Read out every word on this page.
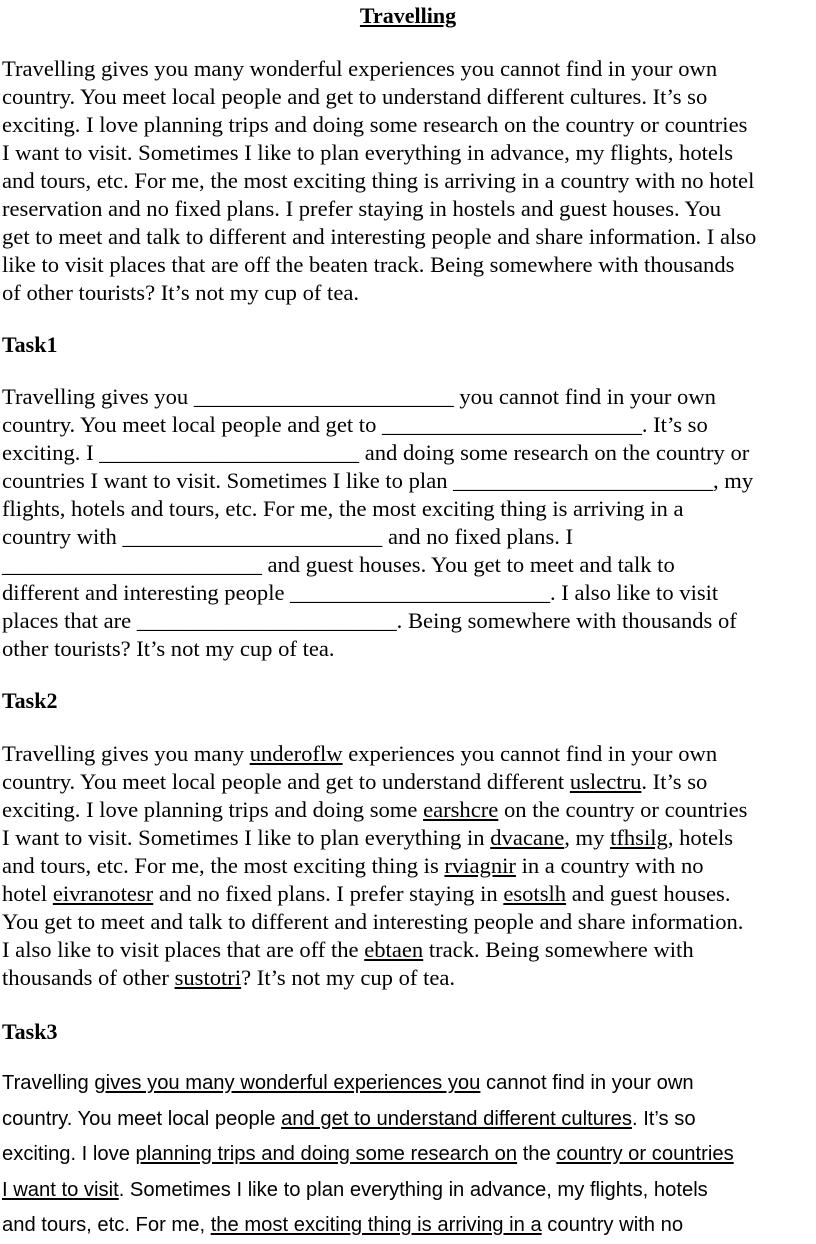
Travelling
Travelling gives you many wonderful experiences you cannot find in your own
country. You meet local people and get to understand different cultures. It’s so
exciting. I love planning trips and doing some research on the country or countries
I want to visit. Sometimes I like to plan everything in advance, my flights, hotels
and tours, etc. For me, the most exciting thing is arriving in a country with no hotel
reservation and no fixed plans. I prefer staying in hostels and guest houses. You
get to meet and talk to different and interesting people and share information. I also
like to visit places that are off the beaten track. Being somewhere with thousands
of other tourists? It’s not my cup of tea.
Task1
Travelling gives you _______________________ you cannot find in your own
country. You meet local people and get to _______________________. It’s so
exciting. I _______________________ and doing some research on the country or
countries I want to visit. Sometimes I like to plan _______________________, my
flights, hotels and tours, etc. For me, the most exciting thing is arriving in a
country with _______________________ and no fixed plans. I
_______________________ and guest houses. You get to meet and talk to
different and interesting people _______________________. I also like to visit
places that are _______________________. Being somewhere with thousands of
other tourists? It’s not my cup of tea.
Task2
Travelling gives you many underoflw experiences you cannot find in your own
country. You meet local people and get to understand different uslectru. It’s so
exciting. I love planning trips and doing some earshcre on the country or countries
I want to visit. Sometimes I like to plan everything in dvacane, my tfhsilg, hotels
and tours, etc. For me, the most exciting thing is rviagnir in a country with no
hotel eivranotesr and no fixed plans. I prefer staying in esotslh and guest houses.
You get to meet and talk to different and interesting people and share information.
I also like to visit places that are off the ebtaen track. Being somewhere with
thousands of other sustotri? It’s not my cup of tea.
Task3
Travelling gives you many wonderful experiences you cannot find in your own
country. You meet local people and get to understand different cultures. It’s so
exciting. I love planning trips and doing some research on the country or countries
I want to visit. Sometimes I like to plan everything in advance, my flights, hotels
and tours, etc. For me, the most exciting thing is arriving in a country with no
